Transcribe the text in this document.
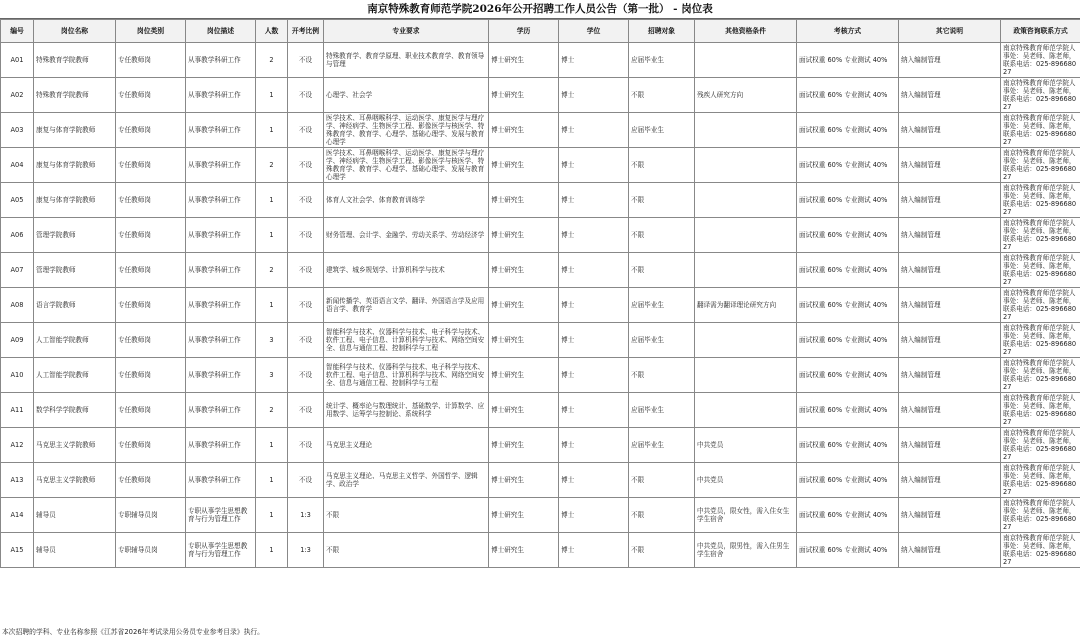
南京特殊教育师范学院2026年公开招聘工作人员公告（第一批） - 岗位表
编号	岗位名称	岗位类别	岗位描述	人数	开考比例	专业要求	学历	学位	招聘对象	其他资格条件	考核方式	其它说明	政策咨询联系方式
A01	特殊教育学院教师	专任教师岗	从事教学科研工作	2	不设	特殊教育学、教育学原理、职业技术教育学、教育领导与管理	博士研究生	博士	应届毕业生		面试权重 60% 专业测试 40%	纳入编制管理	南京特殊教育师范学院人事处：吴老师、陈老师，联系电话：025-89668027
A02	特殊教育学院教师	专任教师岗	从事教学科研工作	1	不设	心理学、社会学	博士研究生	博士	不限	残疾人研究方向	面试权重 60% 专业测试 40%	纳入编制管理	南京特殊教育师范学院人事处：吴老师、陈老师，联系电话：025-89668027
A03	康复与体育学院教师	专任教师岗	从事教学科研工作	1	不设	医学技术、耳鼻咽喉科学、运动医学、康复医学与理疗学、神经病学、生物医学工程、影像医学与核医学、特殊教育学、教育学、心理学、基础心理学、发展与教育心理学	博士研究生	博士	应届毕业生		面试权重 60% 专业测试 40%	纳入编制管理	南京特殊教育师范学院人事处：吴老师、陈老师，联系电话：025-89668027
A04	康复与体育学院教师	专任教师岗	从事教学科研工作	2	不设	医学技术、耳鼻咽喉科学、运动医学、康复医学与理疗学、神经病学、生物医学工程、影像医学与核医学、特殊教育学、教育学、心理学、基础心理学、发展与教育心理学	博士研究生	博士	不限		面试权重 60% 专业测试 40%	纳入编制管理	南京特殊教育师范学院人事处：吴老师、陈老师，联系电话：025-89668027
A05	康复与体育学院教师	专任教师岗	从事教学科研工作	1	不设	体育人文社会学、体育教育训练学	博士研究生	博士	不限		面试权重 60% 专业测试 40%	纳入编制管理	南京特殊教育师范学院人事处：吴老师、陈老师，联系电话：025-89668027
A06	管理学院教师	专任教师岗	从事教学科研工作	1	不设	财务管理、会计学、金融学、劳动关系学、劳动经济学	博士研究生	博士	不限		面试权重 60% 专业测试 40%	纳入编制管理	南京特殊教育师范学院人事处：吴老师、陈老师，联系电话：025-89668027
A07	管理学院教师	专任教师岗	从事教学科研工作	2	不设	建筑学、城乡规划学、计算机科学与技术	博士研究生	博士	不限		面试权重 60% 专业测试 40%	纳入编制管理	南京特殊教育师范学院人事处：吴老师、陈老师，联系电话：025-89668027
A08	语言学院教师	专任教师岗	从事教学科研工作	1	不设	新闻传播学、英语语言文学、翻译、外国语言学及应用语言学、教育学	博士研究生	博士	应届毕业生	翻译需为翻译理论研究方向	面试权重 60% 专业测试 40%	纳入编制管理	南京特殊教育师范学院人事处：吴老师、陈老师，联系电话：025-89668027
A09	人工智能学院教师	专任教师岗	从事教学科研工作	3	不设	智能科学与技术、仪器科学与技术、电子科学与技术、软件工程、电子信息、计算机科学与技术、网络空间安全、信息与通信工程、控制科学与工程	博士研究生	博士	应届毕业生		面试权重 60% 专业测试 40%	纳入编制管理	南京特殊教育师范学院人事处：吴老师、陈老师，联系电话：025-89668027
A10	人工智能学院教师	专任教师岗	从事教学科研工作	3	不设	智能科学与技术、仪器科学与技术、电子科学与技术、软件工程、电子信息、计算机科学与技术、网络空间安全、信息与通信工程、控制科学与工程	博士研究生	博士	不限		面试权重 60% 专业测试 40%	纳入编制管理	南京特殊教育师范学院人事处：吴老师、陈老师，联系电话：025-89668027
A11	数学科学学院教师	专任教师岗	从事教学科研工作	2	不设	统计学、概率论与数理统计、基础数学、计算数学、应用数学、运筹学与控制论、系统科学	博士研究生	博士	应届毕业生		面试权重 60% 专业测试 40%	纳入编制管理	南京特殊教育师范学院人事处：吴老师、陈老师，联系电话：025-89668027
A12	马克思主义学院教师	专任教师岗	从事教学科研工作	1	不设	马克思主义理论	博士研究生	博士	应届毕业生	中共党员	面试权重 60% 专业测试 40%	纳入编制管理	南京特殊教育师范学院人事处：吴老师、陈老师，联系电话：025-89668027
A13	马克思主义学院教师	专任教师岗	从事教学科研工作	1	不设	马克思主义理论、马克思主义哲学、外国哲学、逻辑学、政治学	博士研究生	博士	不限	中共党员	面试权重 60% 专业测试 40%	纳入编制管理	南京特殊教育师范学院人事处：吴老师、陈老师，联系电话：025-89668027
A14	辅导员	专职辅导员岗	专职从事学生思想教育与行为管理工作	1	1:3	不限	博士研究生	博士	不限	中共党员，限女性，需入住女生学生宿舍	面试权重 60% 专业测试 40%	纳入编制管理	南京特殊教育师范学院人事处：吴老师、陈老师，联系电话：025-89668027
A15	辅导员	专职辅导员岗	专职从事学生思想教育与行为管理工作	1	1:3	不限	博士研究生	博士	不限	中共党员，限男性，需入住男生学生宿舍	面试权重 60% 专业测试 40%	纳入编制管理	南京特殊教育师范学院人事处：吴老师、陈老师，联系电话：025-89668027
本次招聘的学科、专业名称参照《江苏省2026年考试录用公务员专业参考目录》执行。
